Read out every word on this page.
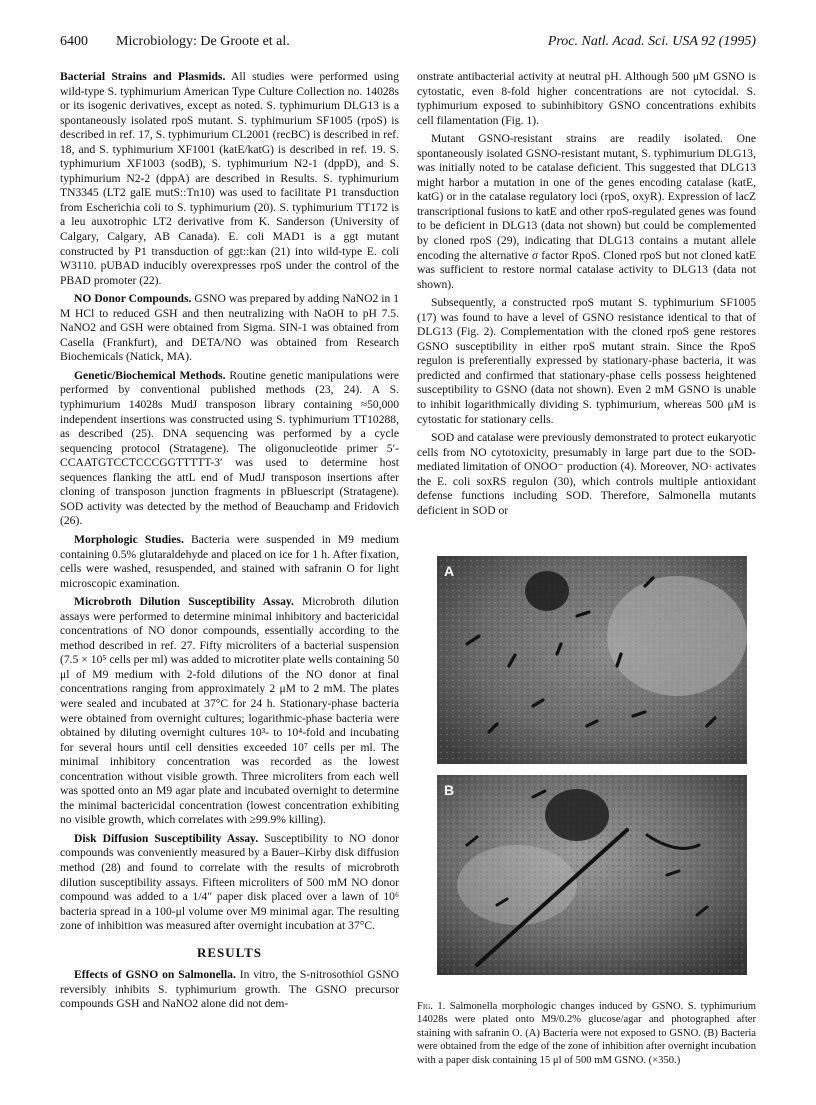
6400  Microbiology: De Groote et al.	Proc. Natl. Acad. Sci. USA 92 (1995)

Bacterial Strains and Plasmids. All studies were performed using wild-type S. typhimurium American Type Culture Collection no. 14028s or its isogenic derivatives, except as noted. S. typhimurium DLG13 is a spontaneously isolated rpoS mutant. S. typhimurium SF1005 (rpoS) is described in ref. 17, S. typhimurium CL2001 (recBC) is described in ref. 18, and S. typhimurium XF1001 (katE/katG) is described in ref. 19. S. typhimurium XF1003 (sodB), S. typhimurium N2-1 (dppD), and S. typhimurium N2-2 (dppA) are described in Results. S. typhimurium TN3345 (LT2 galE mutS::Tn10) was used to facilitate P1 transduction from Escherichia coli to S. typhimurium (20). S. typhimurium TT172 is a leu auxotrophic LT2 derivative from K. Sanderson (University of Calgary, Calgary, AB Canada). E. coli MAD1 is a ggt mutant constructed by P1 transduction of ggt::kan (21) into wild-type E. coli W3110. pUBAD inducibly overexpresses rpoS under the control of the PBAD promoter (22).

NO Donor Compounds. GSNO was prepared by adding NaNO2 in 1 M HCl to reduced GSH and then neutralizing with NaOH to pH 7.5. NaNO2 and GSH were obtained from Sigma. SIN-1 was obtained from Casella (Frankfurt), and DETA/NO was obtained from Research Biochemicals (Natick, MA).

Genetic/Biochemical Methods. Routine genetic manipulations were performed by conventional published methods (23, 24). A S. typhimurium 14028s MudJ transposon library containing ≈50,000 independent insertions was constructed using S. typhimurium TT10288, as described (25). DNA sequencing was performed by a cycle sequencing protocol (Stratagene). The oligonucleotide primer 5′-CCAATGTCCTCCCGGTTTTT-3′ was used to determine host sequences flanking the attL end of MudJ transposon insertions after cloning of transposon junction fragments in pBluescript (Stratagene). SOD activity was detected by the method of Beauchamp and Fridovich (26).

Morphologic Studies. Bacteria were suspended in M9 medium containing 0.5% glutaraldehyde and placed on ice for 1 h. After fixation, cells were washed, resuspended, and stained with safranin O for light microscopic examination.

Microbroth Dilution Susceptibility Assay. Microbroth dilution assays were performed to determine minimal inhibitory and bactericidal concentrations of NO donor compounds, essentially according to the method described in ref. 27. Fifty microliters of a bacterial suspension (7.5 × 10⁵ cells per ml) was added to microtiter plate wells containing 50 μl of M9 medium with 2-fold dilutions of the NO donor at final concentrations ranging from approximately 2 μM to 2 mM. The plates were sealed and incubated at 37°C for 24 h. Stationary-phase bacteria were obtained from overnight cultures; logarithmic-phase bacteria were obtained by diluting overnight cultures 10³- to 10⁴-fold and incubating for several hours until cell densities exceeded 10⁷ cells per ml. The minimal inhibitory concentration was recorded as the lowest concentration without visible growth. Three microliters from each well was spotted onto an M9 agar plate and incubated overnight to determine the minimal bactericidal concentration (lowest concentration exhibiting no visible growth, which correlates with ≥99.9% killing).

Disk Diffusion Susceptibility Assay. Susceptibility to NO donor compounds was conveniently measured by a Bauer–Kirby disk diffusion method (28) and found to correlate with the results of microbroth dilution susceptibility assays. Fifteen microliters of 500 mM NO donor compound was added to a 1/4″ paper disk placed over a lawn of 10⁶ bacteria spread in a 100-μl volume over M9 minimal agar. The resulting zone of inhibition was measured after overnight incubation at 37°C.

RESULTS

Effects of GSNO on Salmonella. In vitro, the S-nitrosothiol GSNO reversibly inhibits S. typhimurium growth. The GSNO precursor compounds GSH and NaNO2 alone did not dem-

onstrate antibacterial activity at neutral pH. Although 500 μM GSNO is cytostatic, even 8-fold higher concentrations are not cytocidal. S. typhimurium exposed to subinhibitory GSNO concentrations exhibits cell filamentation (Fig. 1).

Mutant GSNO-resistant strains are readily isolated. One spontaneously isolated GSNO-resistant mutant, S. typhimurium DLG13, was initially noted to be catalase deficient. This suggested that DLG13 might harbor a mutation in one of the genes encoding catalase (katE, katG) or in the catalase regulatory loci (rpoS, oxyR). Expression of lacZ transcriptional fusions to katE and other rpoS-regulated genes was found to be deficient in DLG13 (data not shown) but could be complemented by cloned rpoS (29), indicating that DLG13 contains a mutant allele encoding the alternative σ factor RpoS. Cloned rpoS but not cloned katE was sufficient to restore normal catalase activity to DLG13 (data not shown).

Subsequently, a constructed rpoS mutant S. typhimurium SF1005 (17) was found to have a level of GSNO resistance identical to that of DLG13 (Fig. 2). Complementation with the cloned rpoS gene restores GSNO susceptibility in either rpoS mutant strain. Since the RpoS regulon is preferentially expressed by stationary-phase bacteria, it was predicted and confirmed that stationary-phase cells possess heightened susceptibility to GSNO (data not shown). Even 2 mM GSNO is unable to inhibit logarithmically dividing S. typhimurium, whereas 500 μM is cytostatic for stationary cells.

SOD and catalase were previously demonstrated to protect eukaryotic cells from NO cytotoxicity, presumably in large part due to the SOD-mediated limitation of ONOO⁻ production (4). Moreover, NO· activates the E. coli soxRS regulon (30), which controls multiple antioxidant defense functions including SOD. Therefore, Salmonella mutants deficient in SOD or

A
B
Fig. 1. Salmonella morphologic changes induced by GSNO. S. typhimurium 14028s were plated onto M9/0.2% glucose/agar and photographed after staining with safranin O. (A) Bacteria were not exposed to GSNO. (B) Bacteria were obtained from the edge of the zone of inhibition after overnight incubation with a paper disk containing 15 μl of 500 mM GSNO. (×350.)
